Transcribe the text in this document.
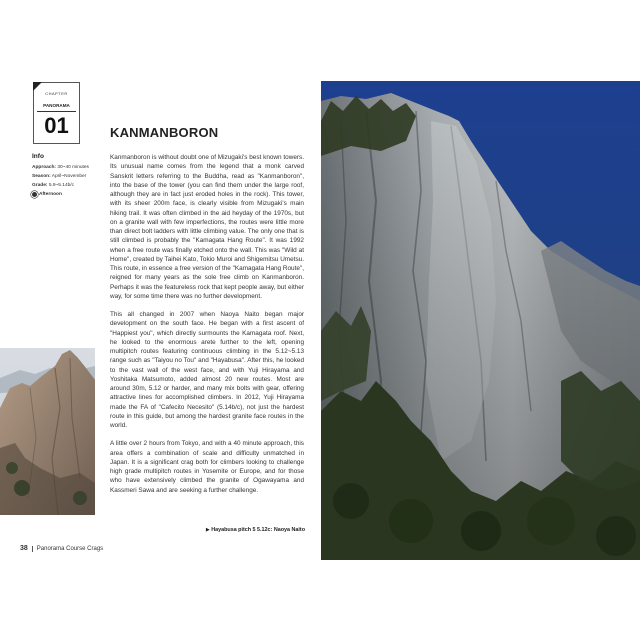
CHAPTER
PANORAMA
01
Info
Approach: 30~40 minutes
Season: April~November
Grade: 5.9~5.14b/c
Afternoon
KANMANBORON

Kanmanboron is without doubt one of Mizugaki's best known towers. Its unusual name comes from the legend that a monk carved Sanskrit letters referring to the Buddha, read as "Kanmanboron", into the base of the tower (you can find them under the large roof, although they are in fact just eroded holes in the rock). This tower, with its sheer 200m face, is clearly visible from Mizugaki's main hiking trail. It was often climbed in the aid heyday of the 1970s, but on a granite wall with few imperfections, the routes were little more than direct bolt ladders with little climbing value. The only one that is still climbed is probably the "Kamagata Hang Route". It was 1992 when a free route was finally etched onto the wall. This was "Wild at Home", created by Taihei Kato, Tokio Muroi and Shigemitsu Umetsu. This route, in essence a free version of the "Kamagata Hang Route", reigned for many years as the sole free climb on Kanmanboron. Perhaps it was the featureless rock that kept people away, but either way, for some time there was no further development.

This all changed in 2007 when Naoya Naito began major development on the south face. He began with a first ascent of "Happiest you", which directly surmounts the Kamagata roof. Next, he looked to the enormous arete further to the left, opening multipitch routes featuring continuous climbing in the 5.12~5.13 range such as "Taiyou no Tou" and "Hayabusa". After this, he looked to the vast wall of the west face, and with Yuji Hirayama and Yoshitaka Matsumoto, added almost 20 new routes. Most are around 30m, 5.12 or harder, and many mix bolts with gear, offering attractive lines for accomplished climbers. In 2012, Yuji Hirayama made the FA of "Cafecito Necesito" (5.14b/c), not just the hardest route in this guide, but among the hardest granite face routes in the world.

A little over 2 hours from Tokyo, and with a 40 minute approach, this area offers a combination of scale and difficulty unmatched in Japan. It is a significant crag both for climbers looking to challenge high grade multipitch routes in Yosemite or Europe, and for those who have extensively climbed the granite of Ogawayama and Kassmeri Sawa and are seeking a further challenge.

▶ Hayabusa pitch 5 5.12c: Naoya Naito
38 Panorama Course Crags
